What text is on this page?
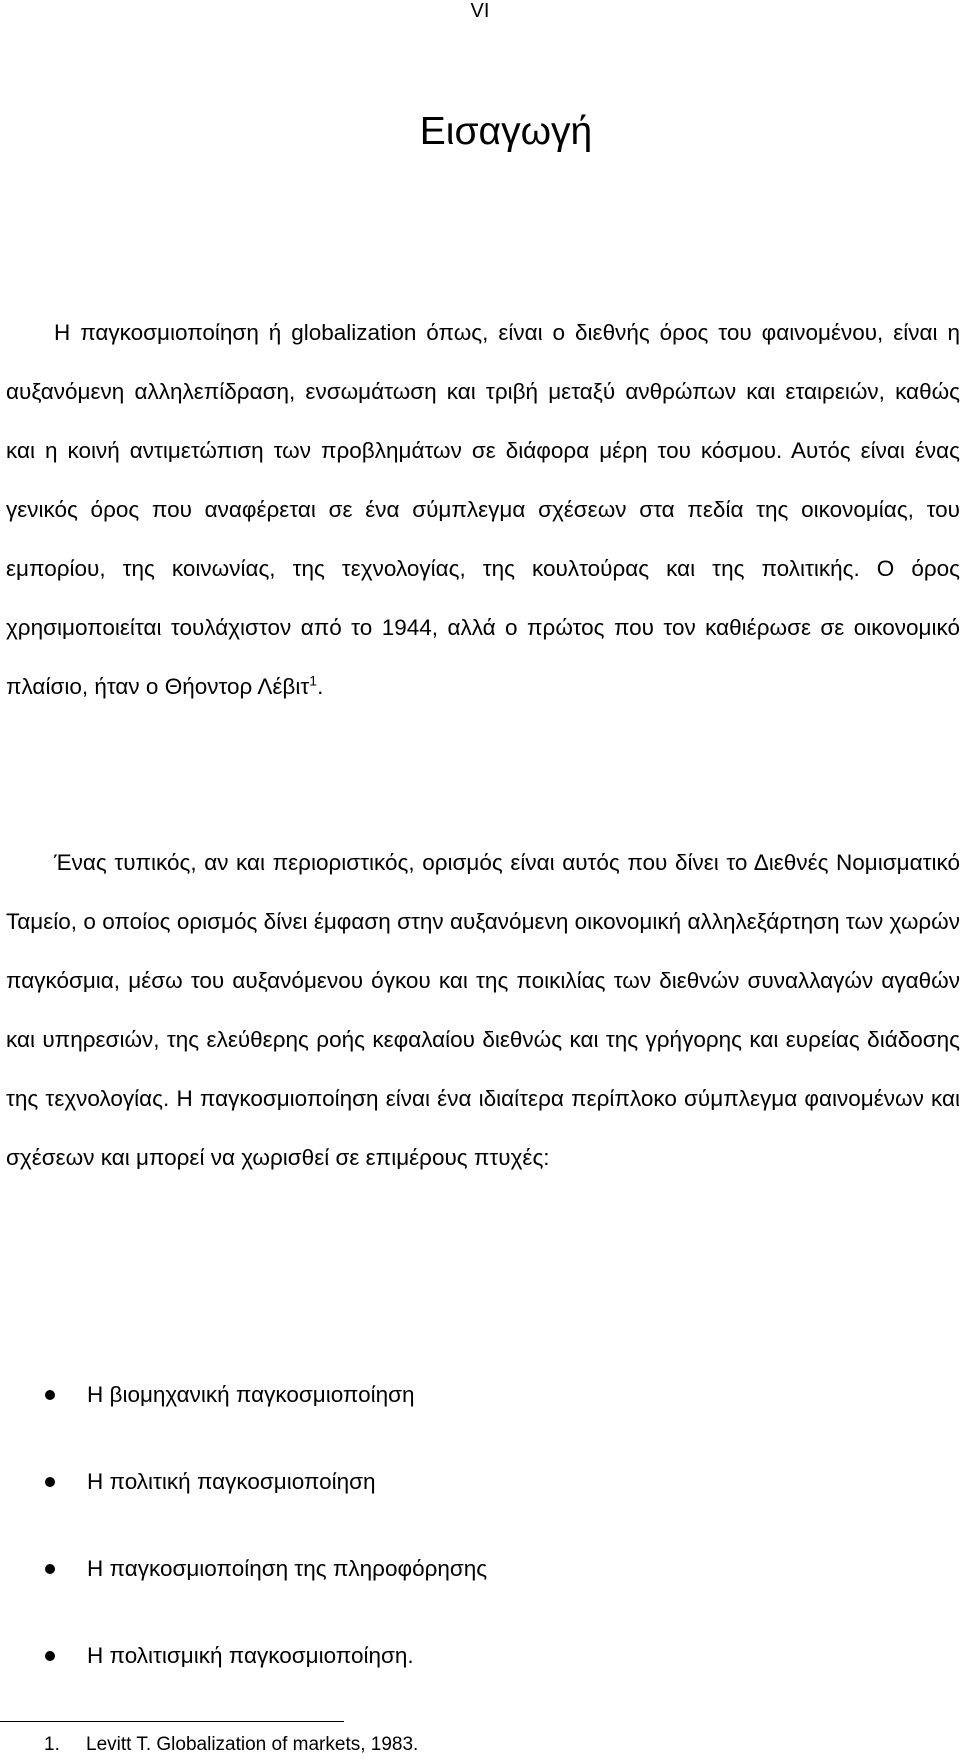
VI
Εισαγωγή

Η παγκοσμιοποίηση ή globalization όπως, είναι ο διεθνής όρος του φαινομένου, είναι η αυξανόμενη αλληλεπίδραση, ενσωμάτωση και τριβή μεταξύ ανθρώπων και εταιρειών, καθώς και η κοινή αντιμετώπιση των προβλημάτων σε διάφορα μέρη του κόσμου. Αυτός είναι ένας γενικός όρος που αναφέρεται σε ένα σύμπλεγμα σχέσεων στα πεδία της οικονομίας, του εμπορίου, της κοινωνίας, της τεχνολογίας, της κουλτούρας και της πολιτικής. Ο όρος χρησιμοποιείται τουλάχιστον από το 1944, αλλά ο πρώτος που τον καθιέρωσε σε οικονομικό πλαίσιο, ήταν ο Θήοντορ Λέβιτ$^1$.

Ένας τυπικός, αν και περιοριστικός, ορισμός είναι αυτός που δίνει το Διεθνές Νομισματικό Ταμείο, ο οποίος ορισμός δίνει έμφαση στην αυξανόμενη οικονομική αλληλεξάρτηση των χωρών παγκόσμια, μέσω του αυξανόμενου όγκου και της ποικιλίας των διεθνών συναλλαγών αγαθών και υπηρεσιών, της ελεύθερης ροής κεφαλαίου διεθνώς και της γρήγορης και ευρείας διάδοσης της τεχνολογίας. Η παγκοσμιοποίηση είναι ένα ιδιαίτερα περίπλοκο σύμπλεγμα φαινομένων και σχέσεων και μπορεί να χωρισθεί σε επιμέρους πτυχές:

Η βιομηχανική παγκοσμιοποίηση
Η πολιτική παγκοσμιοποίηση
Η παγκοσμιοποίηση της πληροφόρησης
Η πολιτισμική παγκοσμιοποίηση.
1. Levitt T. Globalization of markets, 1983.
